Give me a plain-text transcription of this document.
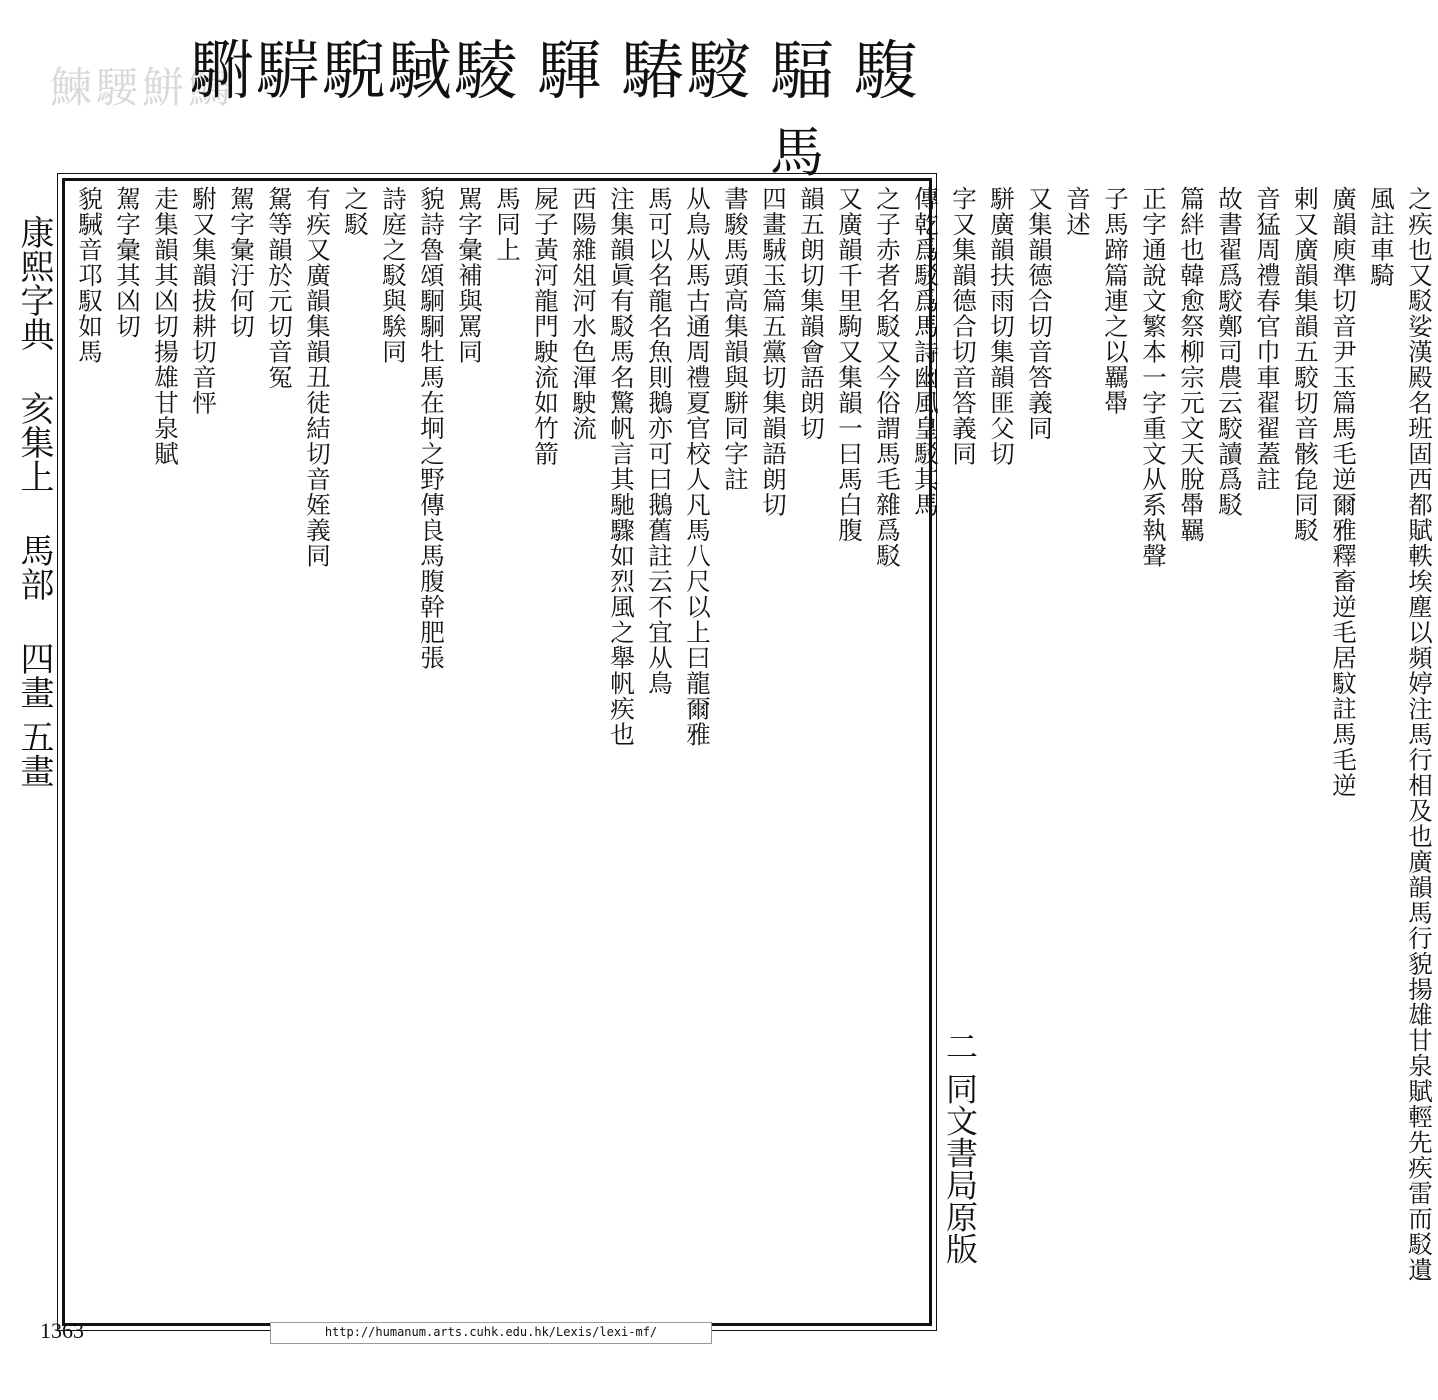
鰊騕鮩鰞
䮛䮗䮘䮙䮚 䮝 䮞䮟 䮠 䮡
馬
康熙字典
亥集上
馬部
四畫 五畫	之疾也又駁娑漢殿名班固西都賦軼埃塵以頻婷注馬行相及也廣韻馬行貌揚雄甘泉賦輕先疾雷而駁遺風註車騎
廣韻庾準切音尹玉篇馬毛逆爾雅釋畜逆毛居馼註馬毛逆
剌又廣韻集韻五駮切音骸㲋同駁
音猛周禮春官巾車翟翟蓋註
故書翟爲駮鄭司農云駮讀爲駁
篇絆也韓愈祭柳宗元文天脫馽羈
正字通說文繁本一字重文从系執聲
子馬蹄篇連之以羈馽
音述
又集韻德合切音答義同
駢廣韻扶雨切集韻匪父切
字又集韻德合切音答義同
傳乾爲駁爲馬詩幽風皇駁其馬
之子赤者名駁又今俗謂馬毛雜爲駁
又廣韻千里駒又集韻一曰馬白腹
韻五朗切集韻會語朗切
四畫駥玉篇五黨切集韻語朗切
書駿馬頭高集韻與駢同字註
从鳥从馬古通周禮夏官校人凡馬八尺以上曰龍爾雅
馬可以名龍名魚則鵝亦可曰鵝舊註云不宜从鳥
注集韻眞有駁馬名驚帆言其馳驟如烈風之舉帆疾也
西陽雜俎河水色渾駛流
屍子黃河龍門駛流如竹箭
馬同上
駡字彙補與罵同
貌詩魯頌駉駉牡馬在坰之野傳良馬腹幹肥張
詩庭之駁與騃同
之駁
有疾又廣韻集韻丑徒結切音姪義同
駌等韻於元切音冤
駕字彙汙何切
駙又集韻拔耕切音怦
走集韻其凶切揚雄甘泉賦
駕字彙其凶切
貌駴音邛馭如馬
二 同文書局原版
1363	http://humanum.arts.cuhk.edu.hk/Lexis/lexi-mf/
